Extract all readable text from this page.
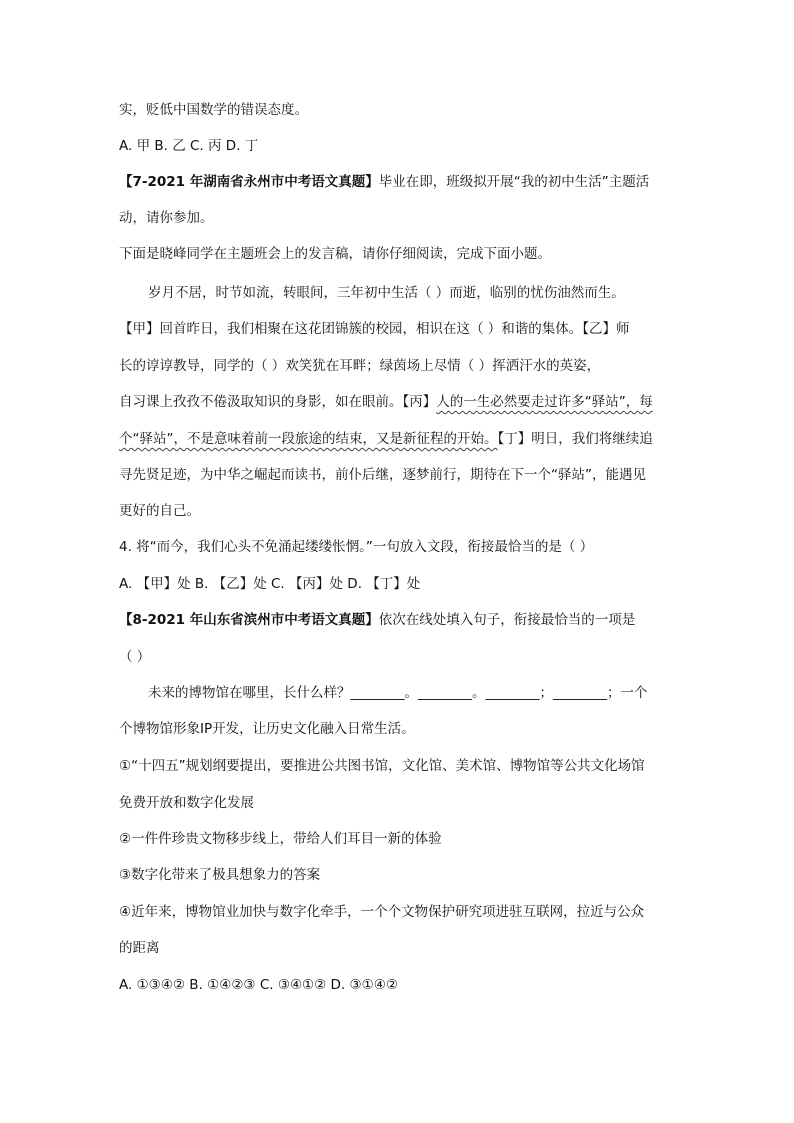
实，贬低中国数学的错误态度。
A. 甲 B. 乙 C. 丙 D. 丁
【7-2021 年湖南省永州市中考语文真题】毕业在即，班级拟开展“我的初中生活”主题活
动，请你参加。
下面是晓峰同学在主题班会上的发言稿，请你仔细阅读，完成下面小题。
岁月不居，时节如流，转眼间，三年初中生活（ ）而逝，临别的忧伤油然而生。
【甲】回首昨日，我们相聚在这花团锦簇的校园，相识在这（ ）和谐的集体。【乙】师
长的谆谆教导，同学的（ ）欢笑犹在耳畔；绿茵场上尽情（ ）挥洒汗水的英姿，
自习课上孜孜不倦汲取知识的身影，如在眼前。【丙】人的一生必然要走过许多“驿站”，每
个“驿站”，不是意味着前一段旅途的结束，又是新征程的开始。【丁】明日，我们将继续追
寻先贤足迹，为中华之崛起而读书，前仆后继，逐梦前行，期待在下一个“驿站”，能遇见
更好的自己。
4. 将“而今，我们心头不免涌起缕缕怅惘。”一句放入文段，衔接最恰当的是（ ）
A. 【甲】处 B. 【乙】处 C. 【丙】处 D. 【丁】处
【8-2021 年山东省滨州市中考语文真题】依次在线处填入句子，衔接最恰当的一项是
（ ）
未来的博物馆在哪里，长什么样？________。________。________；________；一个
个博物馆形象IP开发，让历史文化融入日常生活。
①“十四五”规划纲要提出，要推进公共图书馆，文化馆、美术馆、博物馆等公共文化场馆
免费开放和数字化发展
②一件件珍贵文物移步线上，带给人们耳目一新的体验
③数字化带来了极具想象力的答案
④近年来，博物馆业加快与数字化牵手，一个个文物保护研究项进驻互联网，拉近与公众
的距离
A. ①③④② B. ①④②③ C. ③④①② D. ③①④②
